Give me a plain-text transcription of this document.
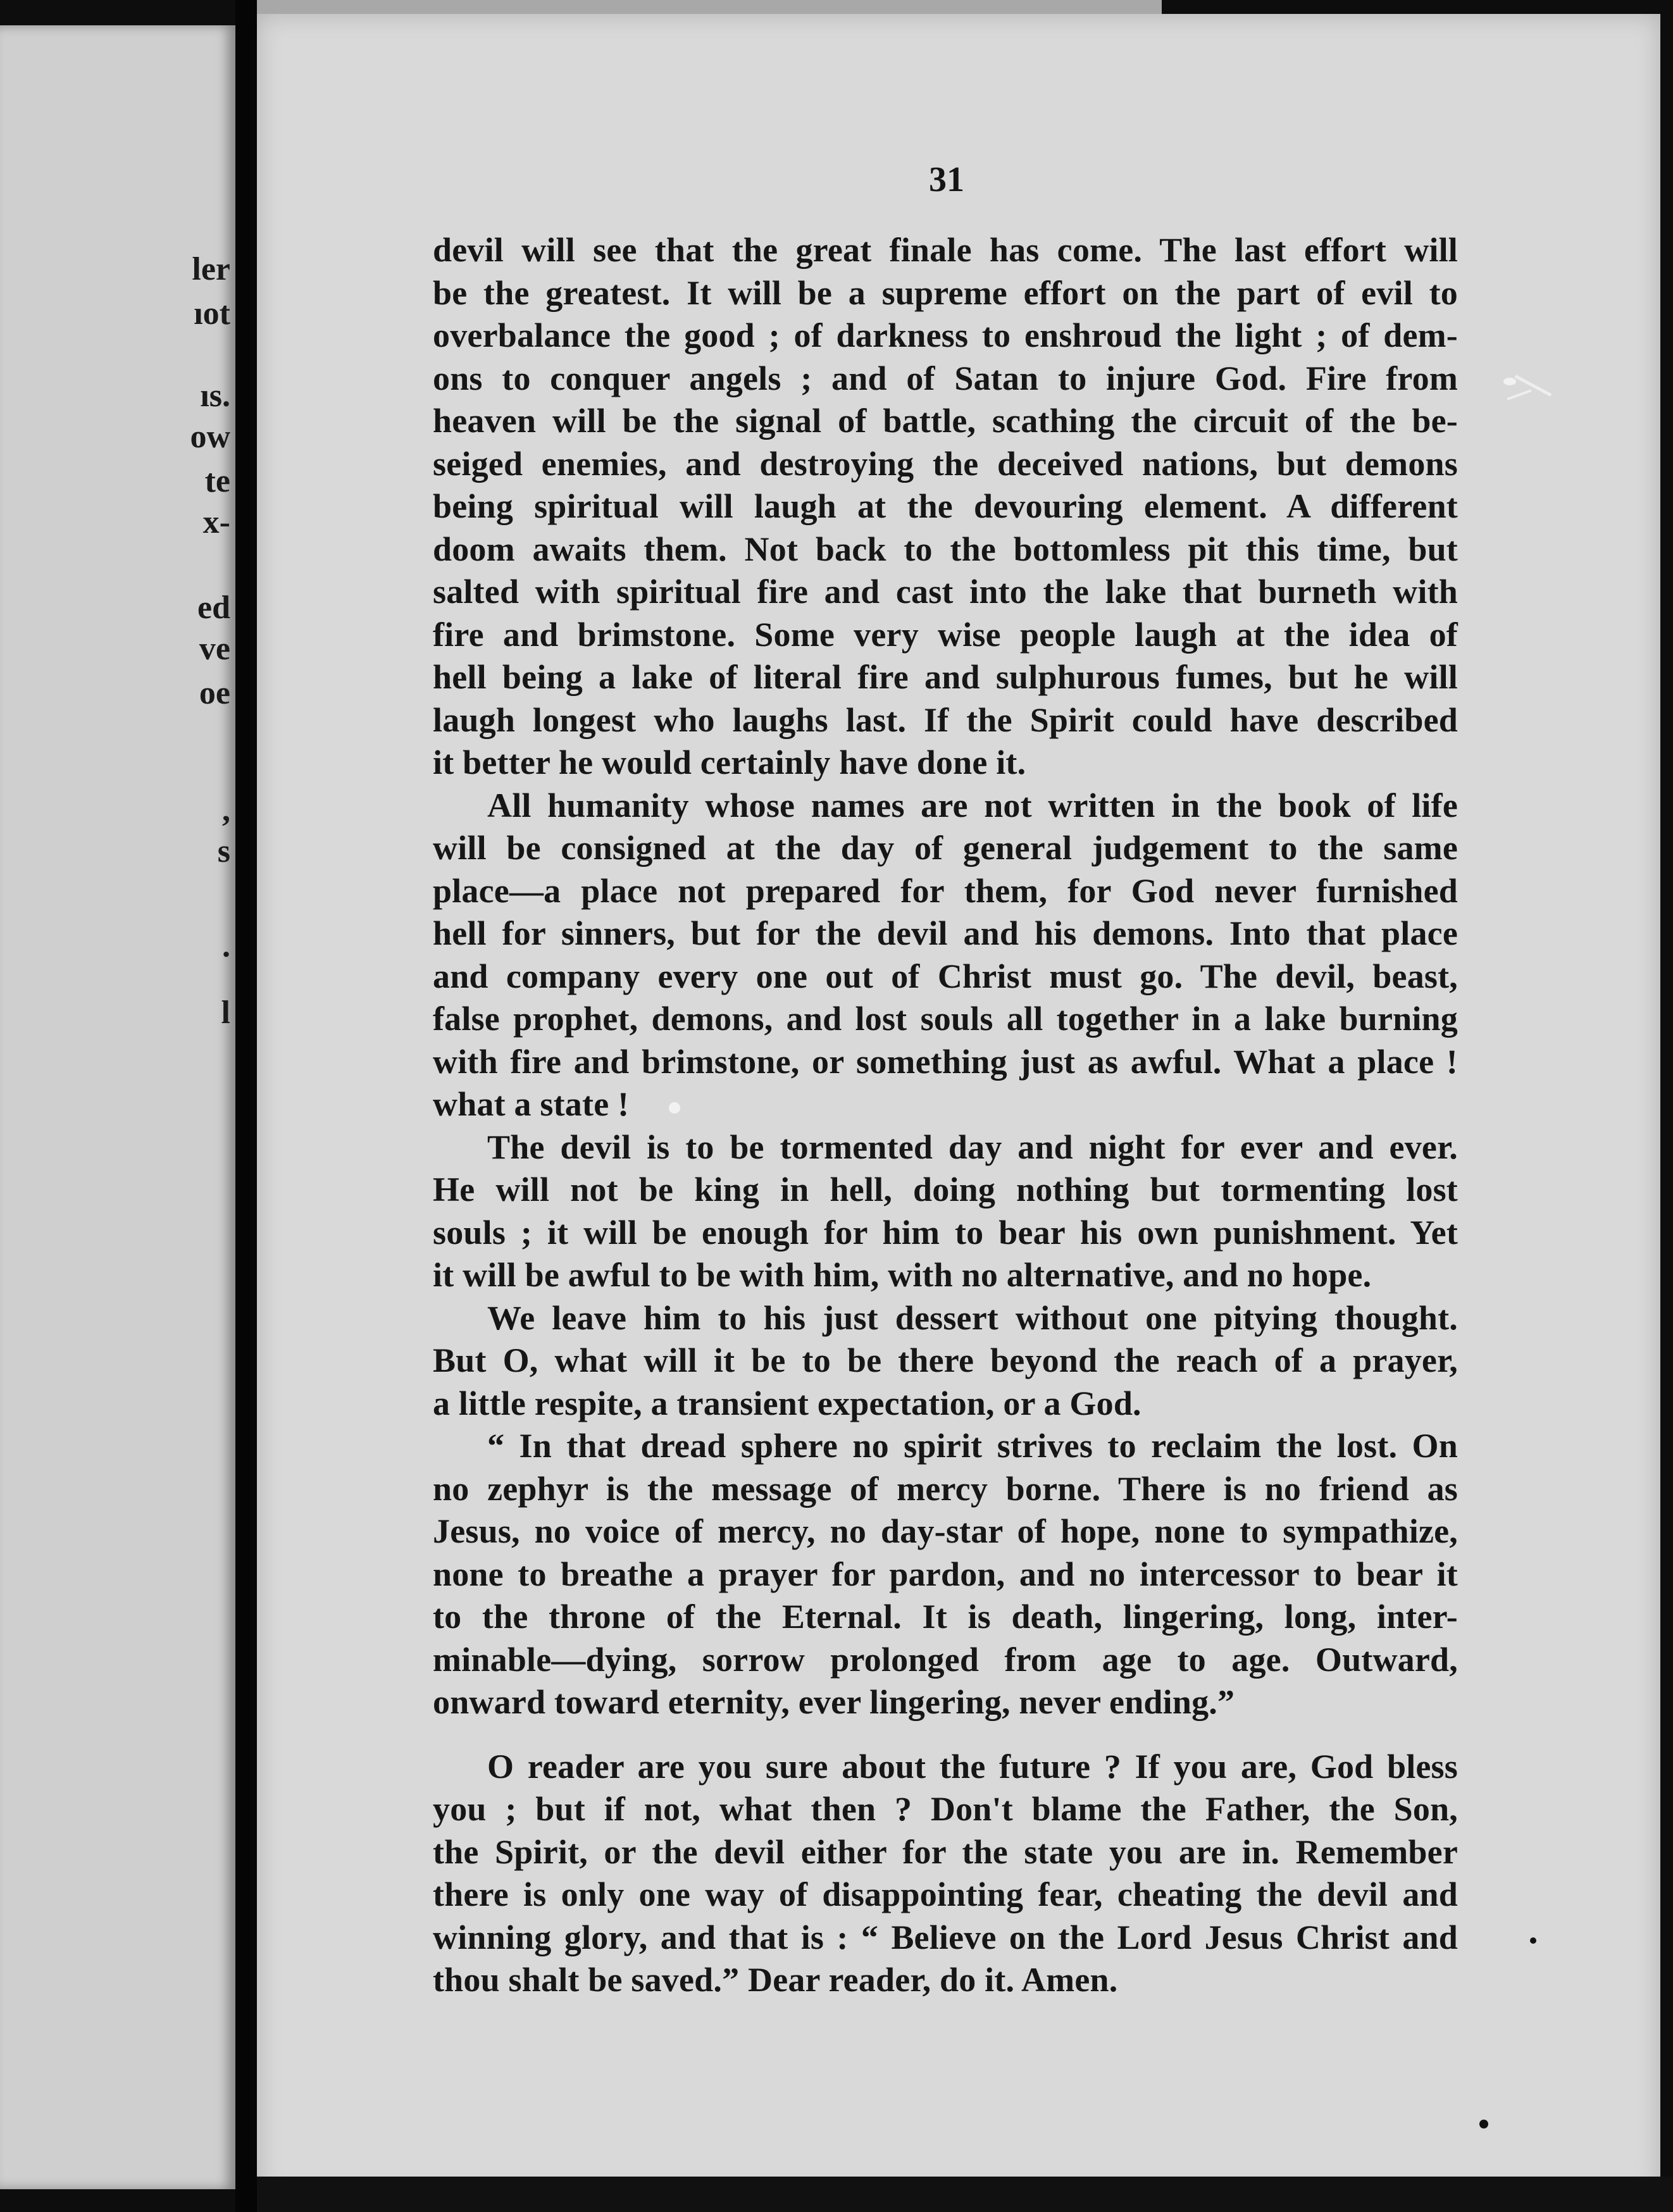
ler
ıot
ıs.
ow
te
x-
ed
ve
oe
,
s
.
l
31
devil will see that the great finale has come. The last effort will
be the greatest. It will be a supreme effort on the part of evil to
overbalance the good ; of darkness to enshroud the light ; of dem-
ons to conquer angels ; and of Satan to injure God. Fire from
heaven will be the signal of battle, scathing the circuit of the be-
seiged enemies, and destroying the deceived nations, but demons
being spiritual will laugh at the devouring element. A different
doom awaits them. Not back to the bottomless pit this time, but
salted with spiritual fire and cast into the lake that burneth with
fire and brimstone. Some very wise people laugh at the idea of
hell being a lake of literal fire and sulphurous fumes, but he will
laugh longest who laughs last. If the Spirit could have described
it better he would certainly have done it.
All humanity whose names are not written in the book of life
will be consigned at the day of general judgement to the same
place—a place not prepared for them, for God never furnished
hell for sinners, but for the devil and his demons. Into that place
and company every one out of Christ must go. The devil, beast,
false prophet, demons, and lost souls all together in a lake burning
with fire and brimstone, or something just as awful. What a place !
what a state !
The devil is to be tormented day and night for ever and ever.
He will not be king in hell, doing nothing but tormenting lost
souls ; it will be enough for him to bear his own punishment. Yet
it will be awful to be with him, with no alternative, and no hope.
We leave him to his just dessert without one pitying thought.
But O, what will it be to be there beyond the reach of a prayer,
a little respite, a transient expectation, or a God.
“ In that dread sphere no spirit strives to reclaim the lost. On
no zephyr is the message of mercy borne. There is no friend as
Jesus, no voice of mercy, no day-star of hope, none to sympathize,
none to breathe a prayer for pardon, and no intercessor to bear it
to the throne of the Eternal. It is death, lingering, long, inter-
minable—dying, sorrow prolonged from age to age. Outward,
onward toward eternity, ever lingering, never ending.”
O reader are you sure about the future ? If you are, God bless
you ; but if not, what then ? Don't blame the Father, the Son,
the Spirit, or the devil either for the state you are in. Remember
there is only one way of disappointing fear, cheating the devil and
winning glory, and that is : “ Believe on the Lord Jesus Christ and
thou shalt be saved.” Dear reader, do it. Amen.
